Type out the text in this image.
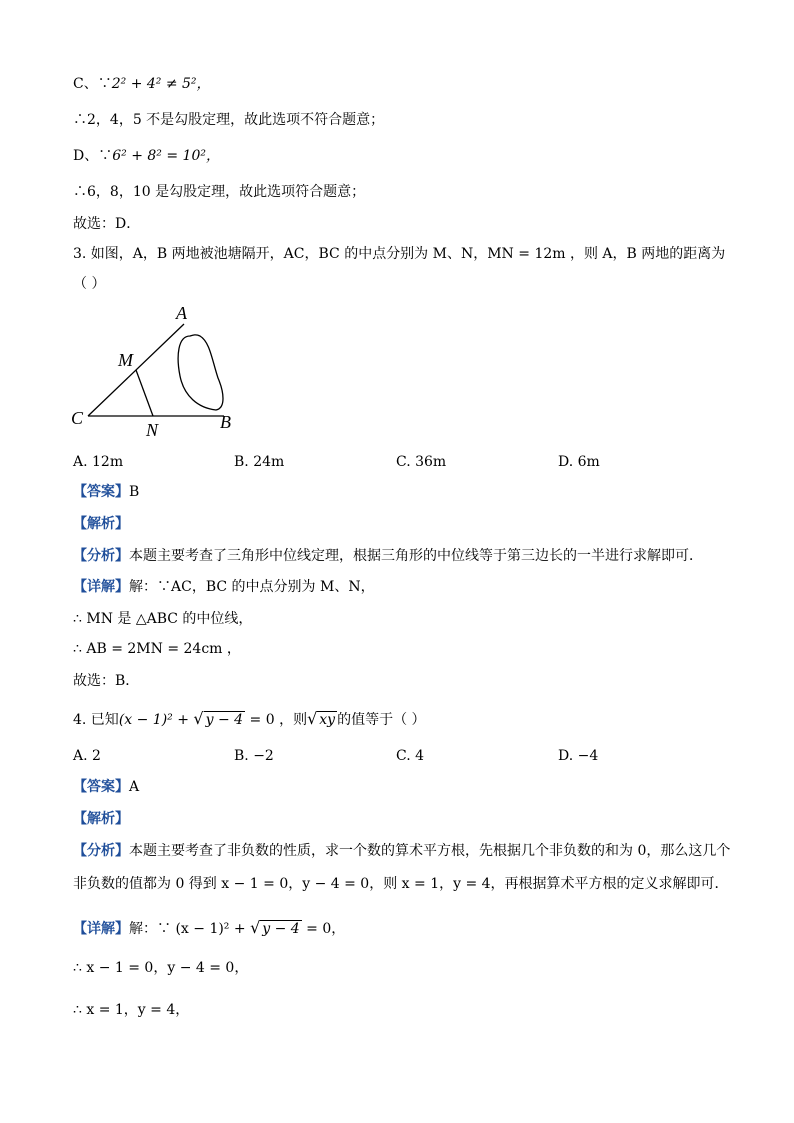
C、∵2² + 4² ≠ 5²，
∴2，4，5 不是勾股定理，故此选项不符合题意；
D、∵6² + 8² = 10²，
∴6，8，10 是勾股定理，故此选项符合题意；
故选：D．
3. 如图，A，B 两地被池塘隔开，AC，BC 的中点分别为 M、N，MN = 12m ，则 A，B 两地的距离为
（ ）
A
M
C
N	B
A. 12m	B. 24m	C. 36m	D. 6m
【答案】B
【解析】
【分析】本题主要考查了三角形中位线定理，根据三角形的中位线等于第三边长的一半进行求解即可．
【详解】解：∵AC，BC 的中点分别为 M、N，
∴ MN 是 △ABC 的中位线，
∴ AB = 2MN = 24cm ，
故选：B．
4. 已知(x − 1)² + √ y − 4 = 0 ，则√ xy 的值等于（ ）
A. 2	B. −2	C. 4	D. −4
【答案】A
【解析】
【分析】本题主要考查了非负数的性质，求一个数的算术平方根，先根据几个非负数的和为 0，那么这几个
非负数的值都为 0 得到 x − 1 = 0，y − 4 = 0，则 x = 1，y = 4，再根据算术平方根的定义求解即可．
【详解】解：∵ (x − 1)² + √ y − 4 = 0，
∴ x − 1 = 0，y − 4 = 0，
∴ x = 1，y = 4，
